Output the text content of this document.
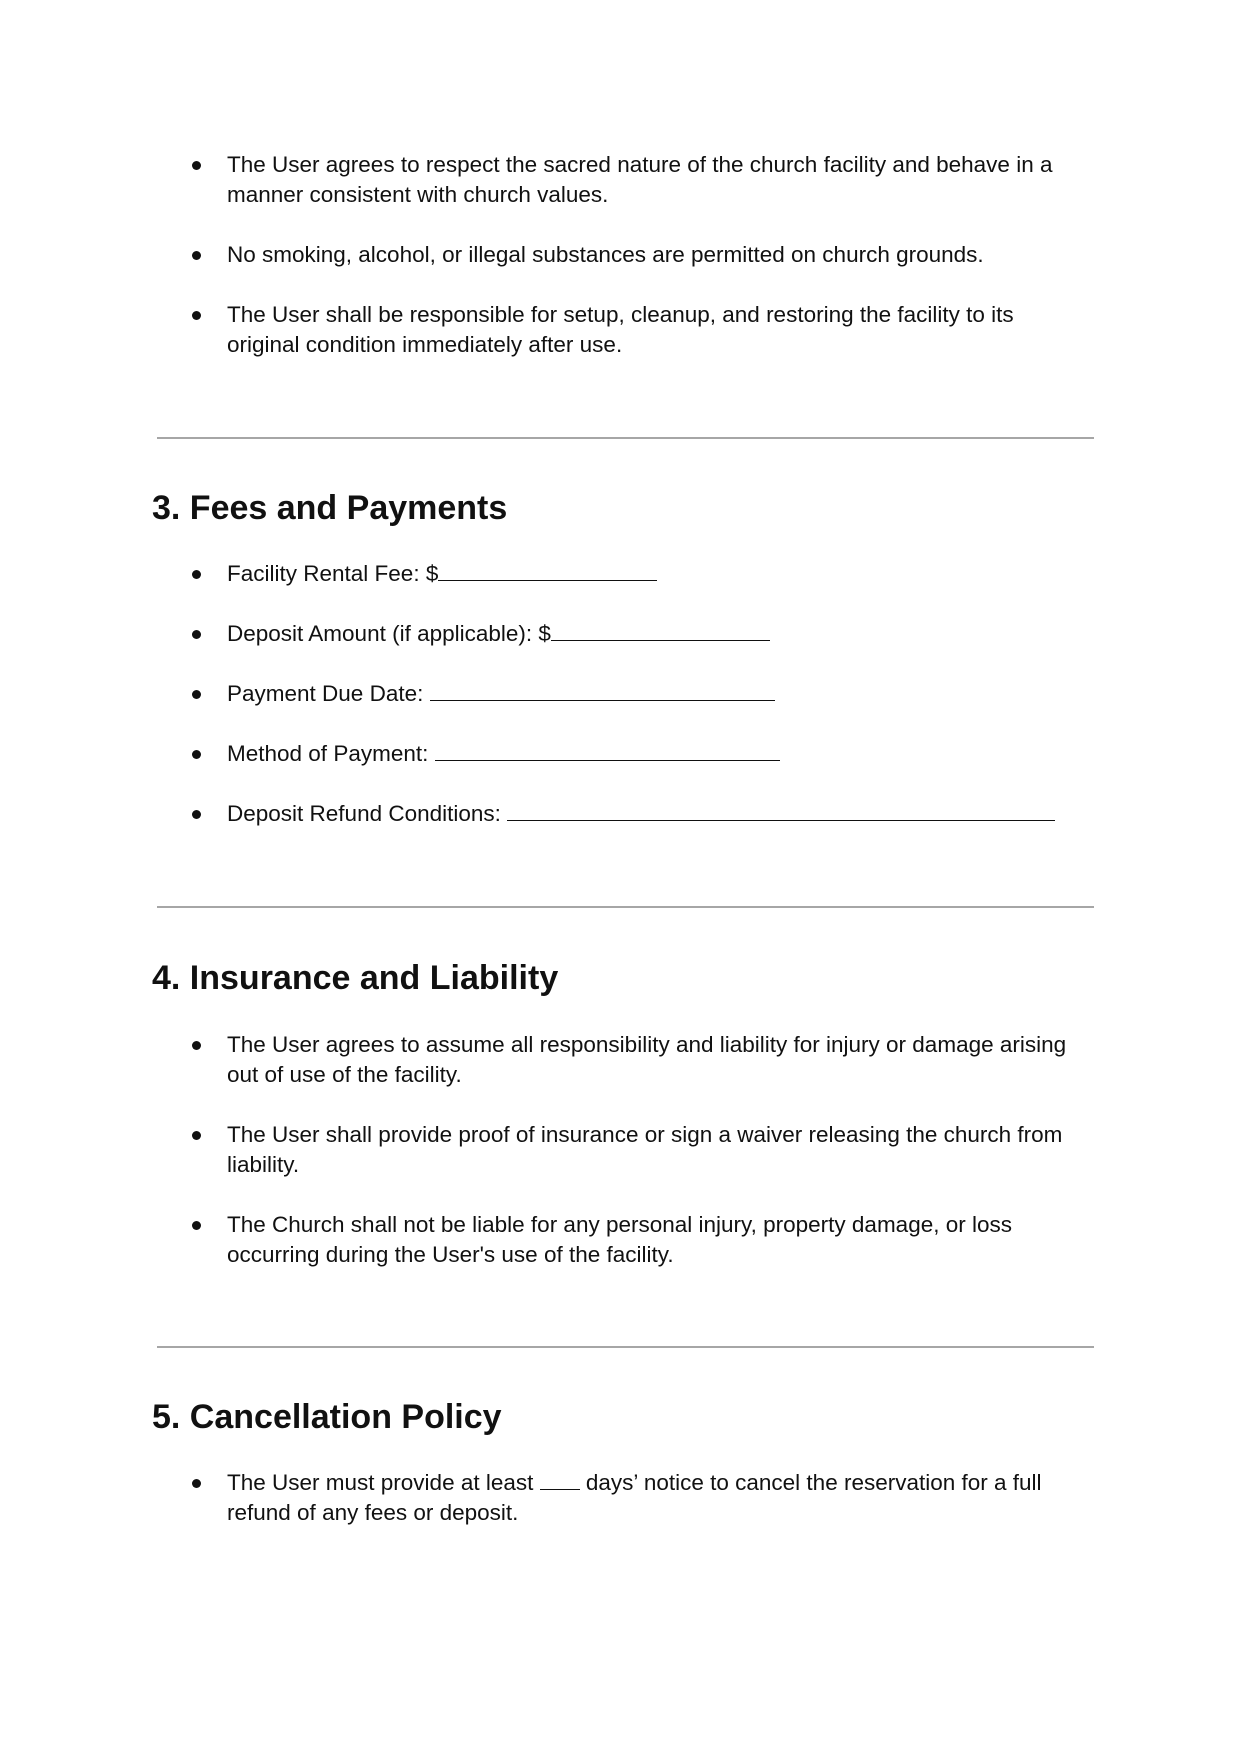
The User agrees to respect the sacred nature of the church facility and behave in a manner consistent with church values.
No smoking, alcohol, or illegal substances are permitted on church grounds.
The User shall be responsible for setup, cleanup, and restoring the facility to its original condition immediately after use.
3. Fees and Payments
Facility Rental Fee: $
Deposit Amount (if applicable): $
Payment Due Date:
Method of Payment:
Deposit Refund Conditions:
4. Insurance and Liability
The User agrees to assume all responsibility and liability for injury or damage arising out of use of the facility.
The User shall provide proof of insurance or sign a waiver releasing the church from liability.
The Church shall not be liable for any personal injury, property damage, or loss occurring during the User's use of the facility.
5. Cancellation Policy
The User must provide at least  days’ notice to cancel the reservation for a full refund of any fees or deposit.
